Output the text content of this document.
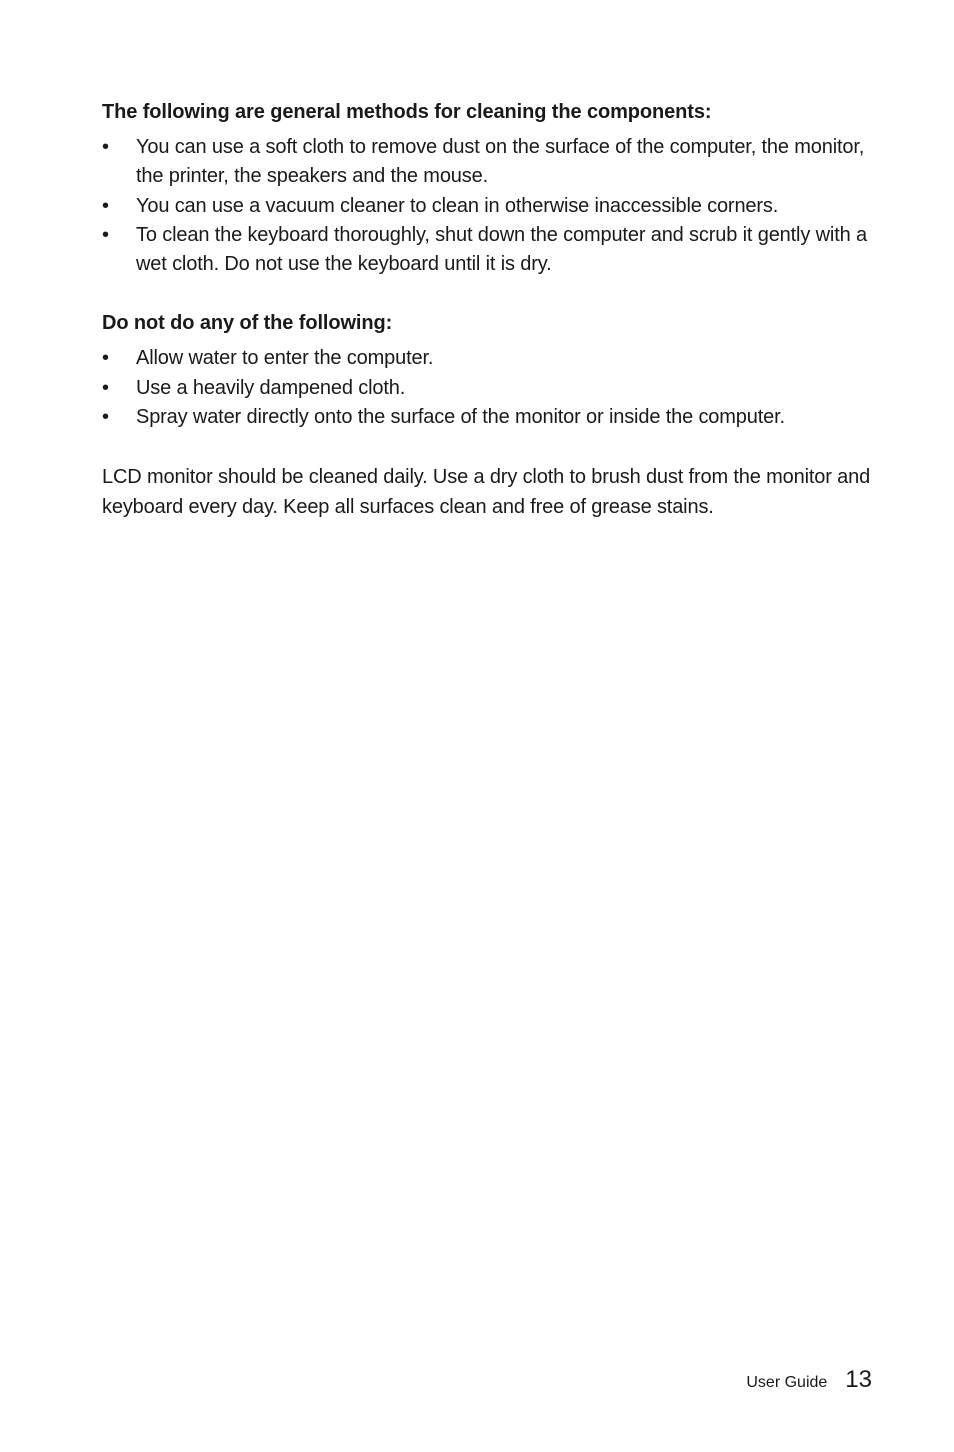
The following are general methods for cleaning the components:
•	You can use a soft cloth to remove dust on the surface of the computer, the monitor, the printer, the speakers and the mouse.
•	You can use a vacuum cleaner to clean in otherwise inaccessible corners.
•	To clean the keyboard thoroughly, shut down the computer and scrub it gently with a wet cloth. Do not use the keyboard until it is dry.
Do not do any of the following:
•	Allow water to enter the computer.
•	Use a heavily dampened cloth.
•	Spray water directly onto the surface of the monitor or inside the computer.

LCD monitor should be cleaned daily. Use a dry cloth to brush dust from the monitor and keyboard every day. Keep all surfaces clean and free of grease stains.

User Guide 13
